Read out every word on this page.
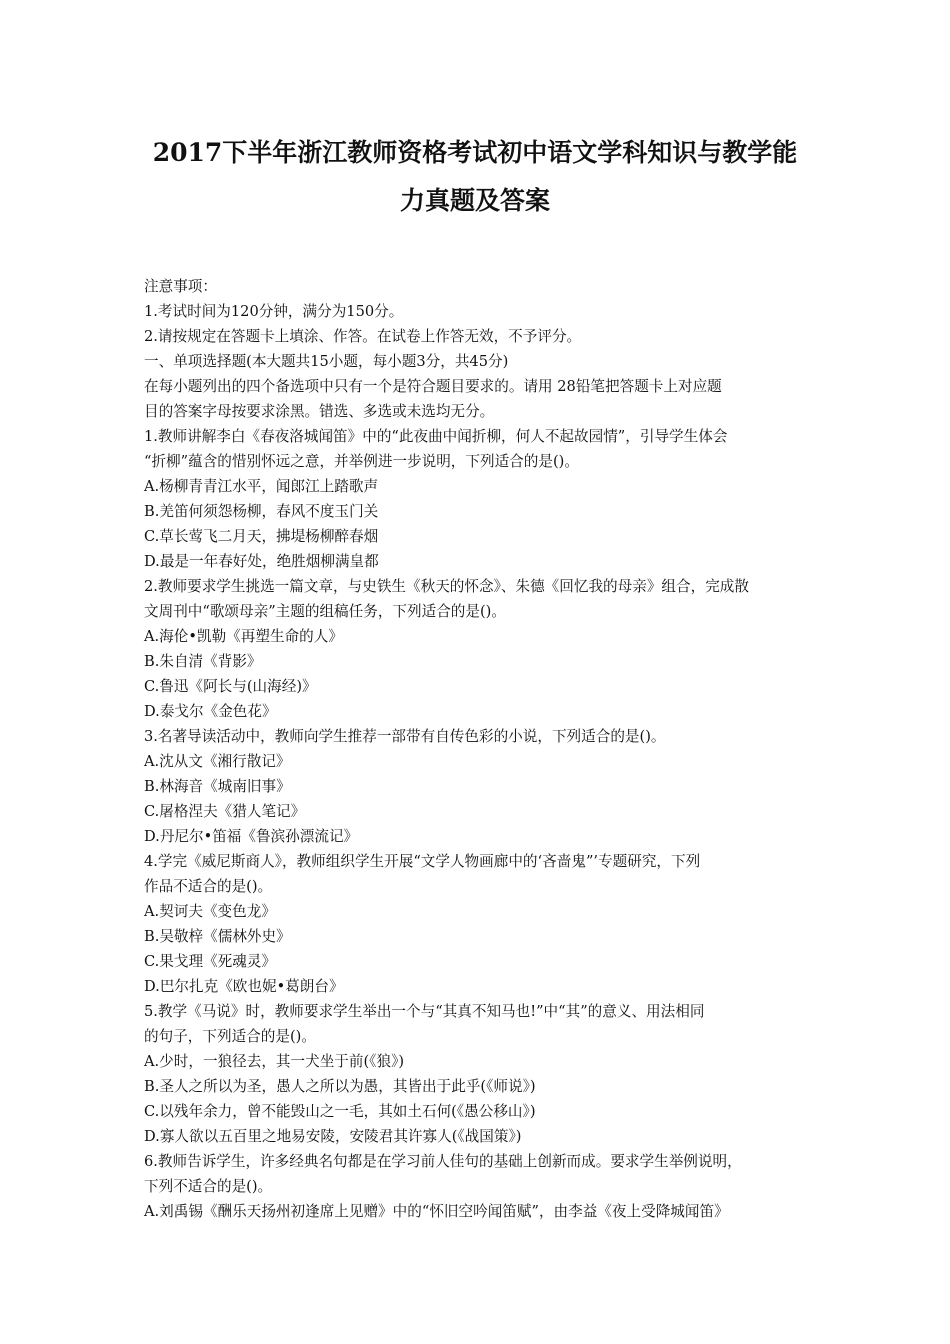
2017下半年浙江教师资格考试初中语文学科知识与教学能
力真题及答案
注意事项：
1.考试时间为120分钟，满分为150分。
2.请按规定在答题卡上填涂、作答。在试卷上作答无效，不予评分。
一、单项选择题(本大题共15小题，每小题3分，共45分)
在每小题列出的四个备选项中只有一个是符合题目要求的。请用 28铅笔把答题卡上对应题
目的答案字母按要求涂黑。错选、多选或未选均无分。
1.教师讲解李白《春夜洛城闻笛》中的“此夜曲中闻折柳，何人不起故园情”，引导学生体会
“折柳”蕴含的惜别怀远之意，并举例进一步说明，下列适合的是()。
A.杨柳青青江水平，闻郎江上踏歌声
B.羌笛何须怨杨柳，春风不度玉门关
C.草长莺飞二月天，拂堤杨柳醉春烟
D.最是一年春好处，绝胜烟柳满皇都
2.教师要求学生挑选一篇文章，与史铁生《秋天的怀念》、朱德《回忆我的母亲》组合，完成散
文周刊中“歌颂母亲”主题的组稿任务，下列适合的是()。
A.海伦•凯勒《再塑生命的人》
B.朱自清《背影》
C.鲁迅《阿长与(山海经)》
D.泰戈尔《金色花》
3.名著导读活动中，教师向学生推荐一部带有自传色彩的小说，下列适合的是()。
A.沈从文《湘行散记》
B.林海音《城南旧事》
C.屠格涅夫《猎人笔记》
D.丹尼尔•笛福《鲁滨孙漂流记》
4.学完《威尼斯商人》，教师组织学生开展“文学人物画廊中的‘吝啬鬼”’专题研究，下列
作品不适合的是()。
A.契诃夫《变色龙》
B.吴敬梓《儒林外史》
C.果戈理《死魂灵》
D.巴尔扎克《欧也妮•葛朗台》
5.教学《马说》时，教师要求学生举出一个与“其真不知马也!”中“其”的意义、用法相同
的句子，下列适合的是()。
A.少时，一狼径去，其一犬坐于前(《狼》)
B.圣人之所以为圣，愚人之所以为愚，其皆出于此乎(《师说》)
C.以残年余力，曾不能毁山之一毛，其如土石何(《愚公移山》)
D.寡人欲以五百里之地易安陵，安陵君其许寡人(《战国策》)
6.教师告诉学生，许多经典名句都是在学习前人佳句的基础上创新而成。要求学生举例说明，
下列不适合的是()。
A.刘禹锡《酬乐天扬州初逢席上见赠》中的“怀旧空吟闻笛赋”，由李益《夜上受降城闻笛》
